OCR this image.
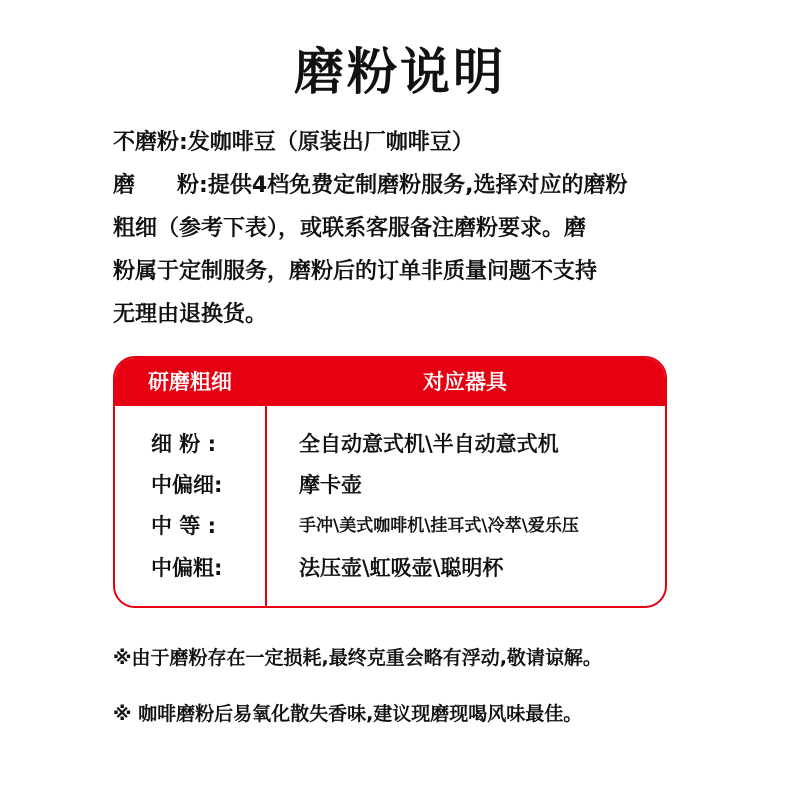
磨粉说明
不磨粉:发咖啡豆（原装出厂咖啡豆）
磨 粉:提供4档免费定制磨粉服务,选择对应的磨粉
粗细（参考下表），或联系客服备注磨粉要求。磨
粉属于定制服务，磨粉后的订单非质量问题不支持
无理由退换货。
研磨粗细	对应器具
细 粉 :	全自动意式机\半自动意式机
中偏细:	摩卡壶
中 等 :	手冲\美式咖啡机\挂耳式\冷萃\爱乐压
中偏粗:	法压壶\虹吸壶\聪明杯
※由于磨粉存在一定损耗,最终克重会略有浮动,敬请谅解。
※ 咖啡磨粉后易氧化散失香味,建议现磨现喝风味最佳。
